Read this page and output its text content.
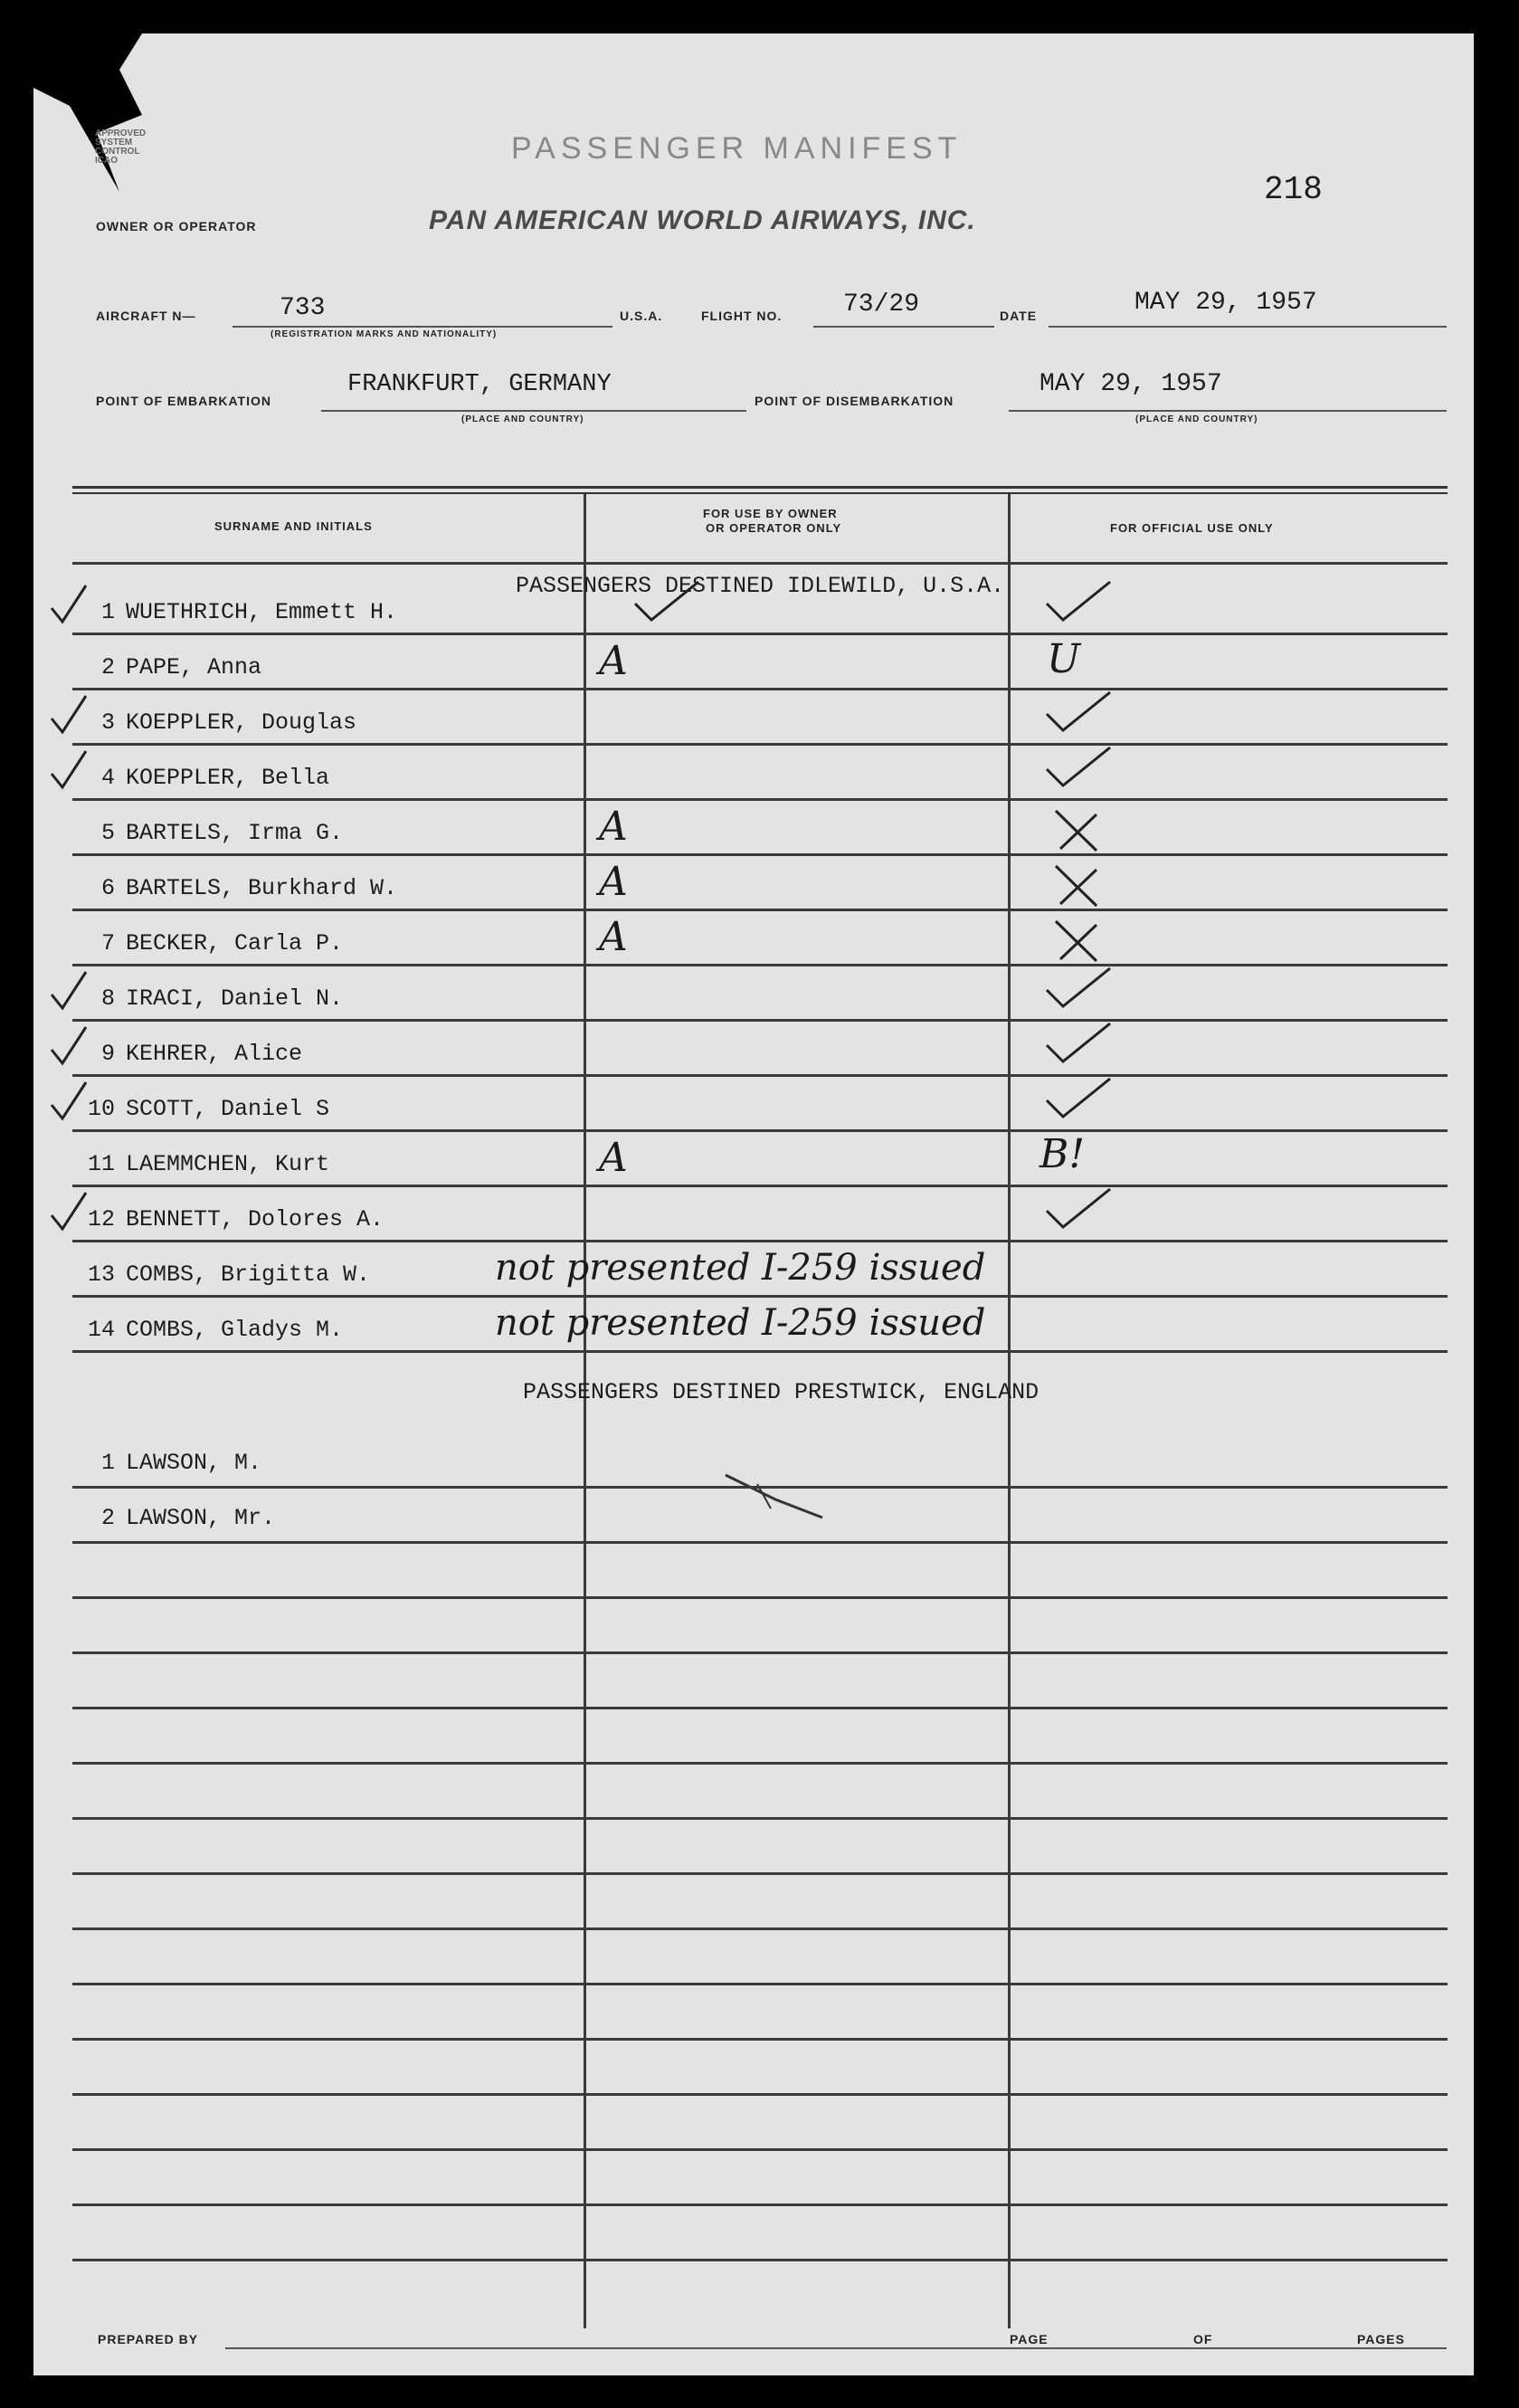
APPROVED
SYSTEM
CONTROL
ICAO	PASSENGER MANIFEST
PAN AMERICAN WORLD AIRWAYS, INC.
218
OWNER OR OPERATOR
AIRCRAFT N—	733
(REGISTRATION MARKS AND NATIONALITY)
U.S.A.	FLIGHT NO. 73/29	DATE	MAY 29, 1957
POINT OF EMBARKATION
FRANKFURT, GERMANY
(PLACE AND COUNTRY)
POINT OF DISEMBARKATION
MAY 29, 1957
(PLACE AND COUNTRY)
SURNAME AND INITIALS
FOR USE BY OWNER
OR OPERATOR ONLY	FOR OFFICIAL USE ONLY
PASSENGERS DESTINED IDLEWILD, U.S.A.
PASSENGERS DESTINED PRESTWICK, ENGLAND
PREPARED BY	PAGE	OF	PAGES
1 WUETHRICH, Emmett H.
2 PAPE, Anna	A	U
3 KOEPPLER, Douglas
4 KOEPPLER, Bella
5 BARTELS, Irma G.	A
6 BARTELS, Burkhard W.	A
7 BECKER, Carla P.	A
8 IRACI, Daniel N.
9 KEHRER, Alice
10 SCOTT, Daniel S
11 LAEMMCHEN, Kurt	A	B!
12 BENNETT, Dolores A.
13 COMBS, Brigitta W.	not presented I-259 issued
14 COMBS, Gladys M.	not presented I-259 issued
1 LAWSON, M.
2 LAWSON, Mr.
